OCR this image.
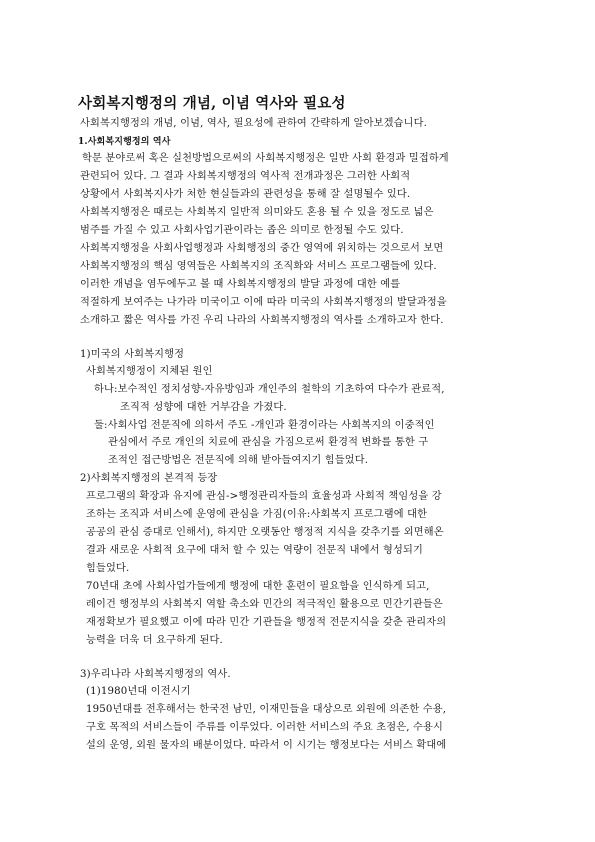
사회복지행정의 개념, 이념 역사와 필요성
사회복지행정의 개념, 이념, 역사, 필요성에 관하여 간략하게 알아보겠습니다.
1.사회복지행정의 역사
학문 분야로써 혹은 실천방법으로써의 사회복지행정은 일반 사회 환경과 밀접하게
관련되어 있다. 그 결과 사회복지행정의 역사적 전개과정은 그러한 사회적
상황에서 사회복지사가 처한 현실들과의 관련성을 통해 잘 설명될수 있다.
사회복지행정은 때로는 사회복지 일반적 의미와도 혼용 될 수 있을 정도로 넓은
범주를 가질 수 있고 사회사업기관이라는 좁은 의미로 한정될 수도 있다.
사회복지행정을 사회사업행정과 사회행정의 중간 영역에 위치하는 것으로서 보면
사회복지행정의 핵심 영역들은 사회복지의 조직화와 서비스 프로그램들에 있다.
이러한 개념을 염두에두고 볼 때 사회복지행정의 발달 과정에 대한 예를
적절하게 보여주는 나가라 미국이고 이에 따라 미국의 사회복지행정의 발달과정을
소개하고 짧은 역사를 가진 우리 나라의 사회복지행정의 역사를 소개하고자 한다.
1)미국의 사회복지행정
사회복지행정이 지체된 원인
하나:보수적인 정치성향-자유방임과 개인주의 철학의 기초하여 다수가 관료적,
조직적 성향에 대한 거부감을 가졌다.
둘:사회사업 전문직에 의하서 주도 -개인과 환경이라는 사회복지의 이중적인
관심에서 주로 개인의 치료에 관심을 가짐으로써 환경적 변화를 통한 구
조적인 접근방법은 전문직에 의해 받아들여지기 힘들었다.
2)사회복지행정의 본격적 등장
프로그램의 확장과 유지에 관심->행정관리자들의 효율성과 사회적 책임성을 강
조하는 조직과 서비스에 운영에 관심을 가짐(이유:사회복지 프로그램에 대한
공공의 관심 증대로 인해서), 하지만 오랫동안 행정적 지식을 갖추기를 외면해온
결과 새로운 사회적 요구에 대처 할 수 있는 역량이 전문직 내에서 형성되기
힘들었다.
70년대 초에 사회사업가들에게 행정에 대한 훈련이 필요함을 인식하게 되고,
레이건 행정부의 사회복지 역할 축소와 민간의 적극적인 활용으로 민간기관들은
재정확보가 필요했고 이에 따라 민간 기관들을 행정적 전문지식을 갖춘 관리자의
능력을 더욱 더 요구하게 된다.
3)우리나라 사회복지행정의 역사.
(1)1980년대 이전시기
1950년대를 전후해서는 한국전 남민, 이재민들을 대상으로 외원에 의존한 수용,
구호 목적의 서비스들이 주류를 이루었다. 이러한 서비스의 주요 초점은, 수용시
설의 운영, 외원 물자의 배분이었다. 따라서 이 시기는 행정보다는 서비스 확대에
